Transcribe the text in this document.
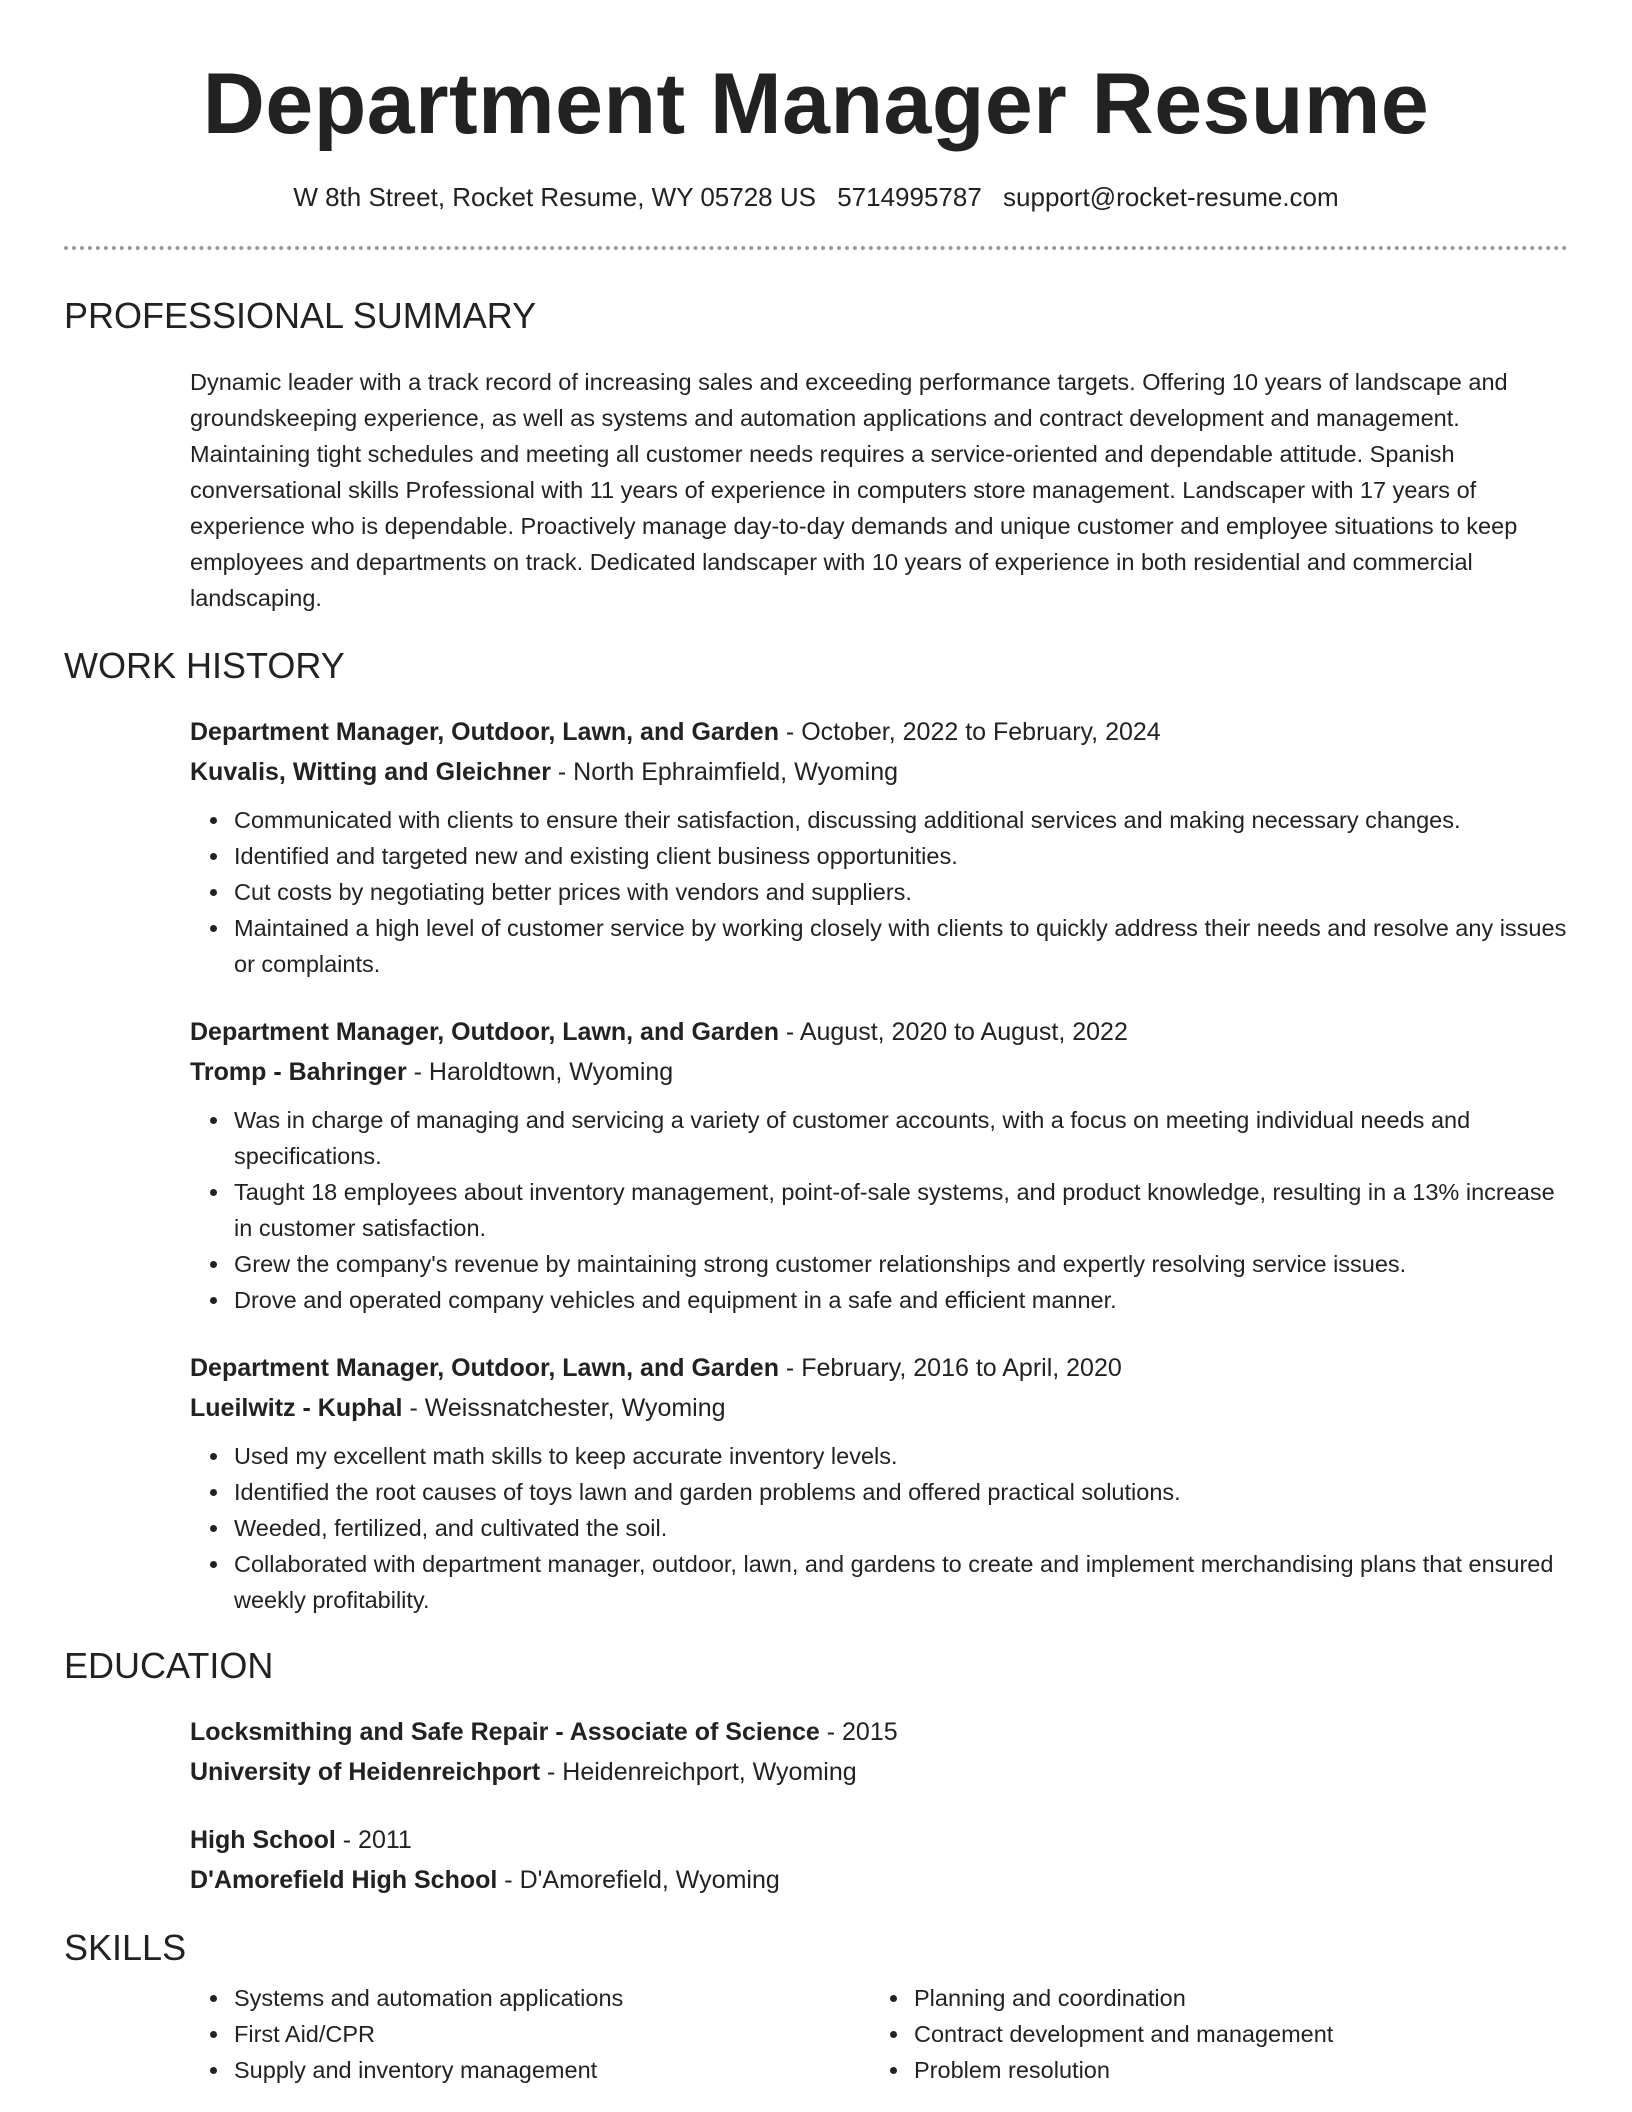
Department Manager Resume
W 8th Street, Rocket Resume, WY 05728 US 5714995787 support@rocket-resume.com
PROFESSIONAL SUMMARY
Dynamic leader with a track record of increasing sales and exceeding performance targets. Offering 10 years of landscape and groundskeeping experience, as well as systems and automation applications and contract development and management. Maintaining tight schedules and meeting all customer needs requires a service-oriented and dependable attitude. Spanish conversational skills Professional with 11 years of experience in computers store management. Landscaper with 17 years of experience who is dependable. Proactively manage day-to-day demands and unique customer and employee situations to keep employees and departments on track. Dedicated landscaper with 10 years of experience in both residential and commercial landscaping.
WORK HISTORY
Department Manager, Outdoor, Lawn, and Garden - October, 2022 to February, 2024
Kuvalis, Witting and Gleichner - North Ephraimfield, Wyoming
Communicated with clients to ensure their satisfaction, discussing additional services and making necessary changes.
Identified and targeted new and existing client business opportunities.
Cut costs by negotiating better prices with vendors and suppliers.
Maintained a high level of customer service by working closely with clients to quickly address their needs and resolve any issues or complaints.
Department Manager, Outdoor, Lawn, and Garden - August, 2020 to August, 2022
Tromp - Bahringer - Haroldtown, Wyoming
Was in charge of managing and servicing a variety of customer accounts, with a focus on meeting individual needs and specifications.
Taught 18 employees about inventory management, point-of-sale systems, and product knowledge, resulting in a 13% increase in customer satisfaction.
Grew the company's revenue by maintaining strong customer relationships and expertly resolving service issues.
Drove and operated company vehicles and equipment in a safe and efficient manner.
Department Manager, Outdoor, Lawn, and Garden - February, 2016 to April, 2020
Lueilwitz - Kuphal - Weissnatchester, Wyoming
Used my excellent math skills to keep accurate inventory levels.
Identified the root causes of toys lawn and garden problems and offered practical solutions.
Weeded, fertilized, and cultivated the soil.
Collaborated with department manager, outdoor, lawn, and gardens to create and implement merchandising plans that ensured weekly profitability.
EDUCATION
Locksmithing and Safe Repair - Associate of Science - 2015
University of Heidenreichport - Heidenreichport, Wyoming
High School - 2011
D'Amorefield High School - D'Amorefield, Wyoming
SKILLS
Systems and automation applications
First Aid/CPR
Supply and inventory management
Planning and coordination
Contract development and management
Problem resolution
